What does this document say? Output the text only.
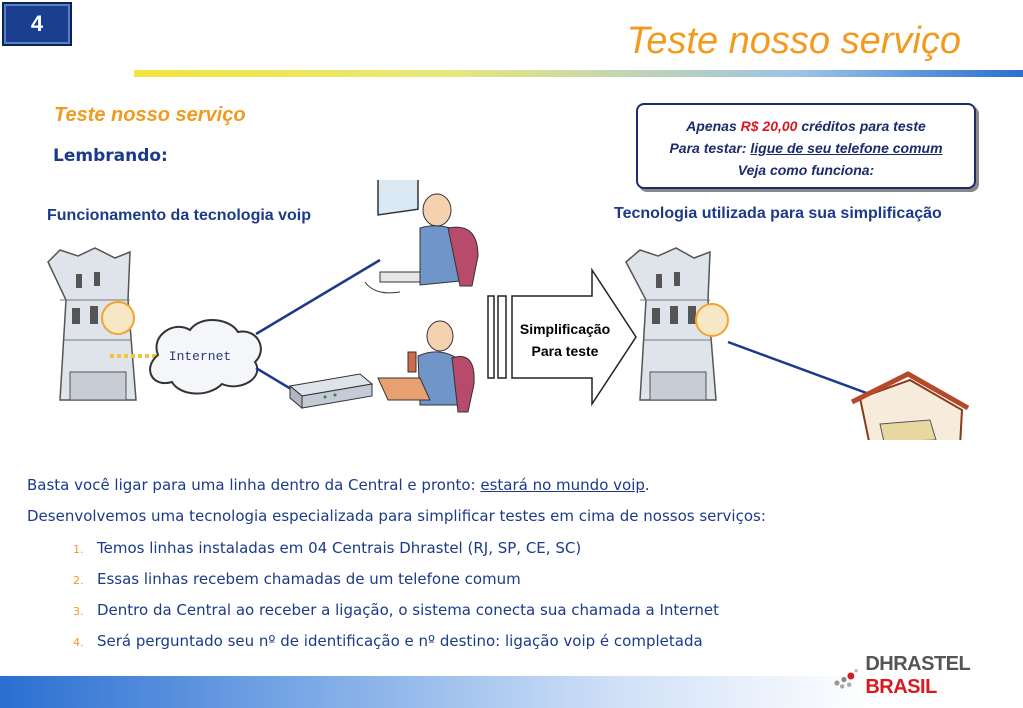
4	Teste nosso serviço
Teste nosso serviço
Lembrando:
Apenas R$ 20,00 créditos para teste
Para testar: ligue de seu telefone comum
Veja como funciona:
Funcionamento da tecnologia voip	Tecnologia utilizada para sua simplificação
Internet
Simplificação
Para teste
Basta você ligar para uma linha dentro da Central e pronto: estará no mundo voip.
Desenvolvemos uma tecnologia especializada para simplificar testes em cima de nossos serviços:
1. Temos linhas instaladas em 04 Centrais Dhrastel (RJ, SP, CE, SC)
2. Essas linhas recebem chamadas de um telefone comum
3. Dentro da Central ao receber a ligação, o sistema conecta sua chamada a Internet
4. Será perguntado seu nº de identificação e nº destino: ligação voip é completada
DHRASTEL BRASIL
